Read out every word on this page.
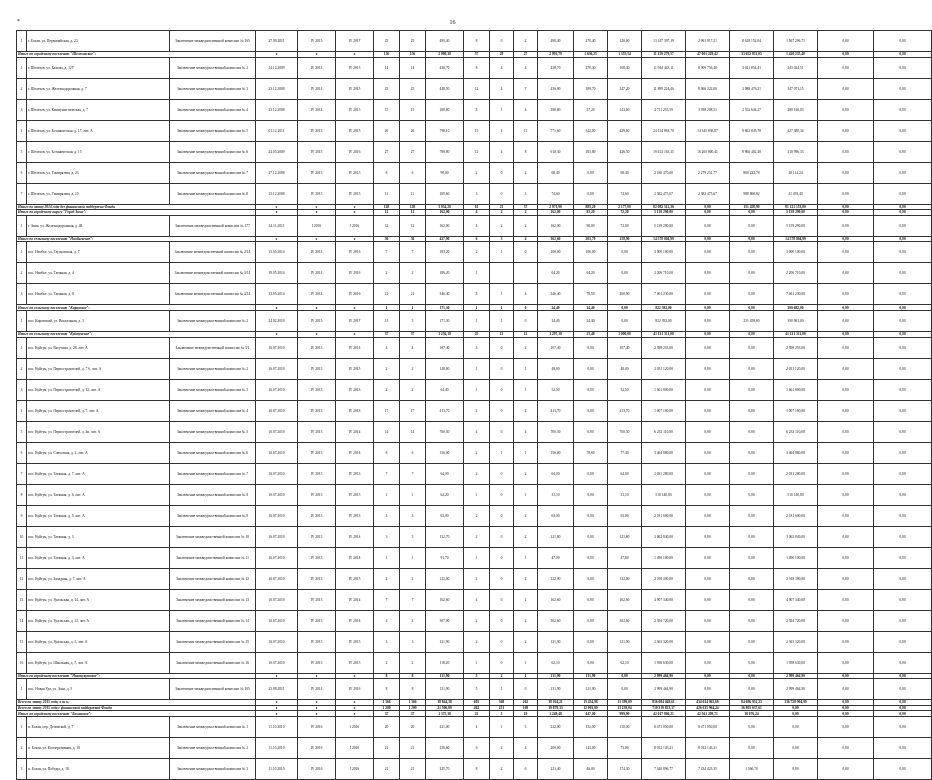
*	16
1	г. Бохан, ул. Первомайская, д. 23	Заключение межведомственной комиссии № 165	27.09.2011	IV 2015	IV 2017	25	25	490,40	8	0	2	490,40	270,40	120,00	13 147 397,19	2 961 917,21	8 618 152,04	1 567 296,71	0,00	0,00
Итого по городскому поселению "Шелеховское":			x	x	x	156	156	2 990,30	57	29	27	2 991,79	1 636,25	1 355,54	11 139 279,57	47 001 229,42	33 652 831,05	1 420 235,40	0,00	0,00
1	г. Шелехов, ул. Бажова, д. 12У	Заключение межведомственной комиссии № 2	24.12.2009	IV 2014	IV 2015	14	14	438,70	8	4	4	438,70	270,30	168,40	11 944 443,11	8 909 756,40	3 021 854,41	243 024,51	0,00	0,00
2	г. Шелехов, ул. Железнодорожная, д. 7	Заключение межведомственной комиссии № 3	23.12.2008	IV 2014	IV 2015	23	23	448,50	12	4	7	436,90	189,70	247,20	11 899 224,46	8 966 322,00	3 088 476,21	347 071,15	0,00	0,00
3	г. Шелехов, ул. Коммунистическая, д. 7	Заключение межведомственной комиссии № 4	23.12.2008	IV 2014	IV 2015	15	15	180,80	5	1	4	180,80	37,20	143,60	4 711 253,59	3 938 208,51	2 352 644,27	280 140,03	0,00	0,00
4	г. Шелехов, ул. Ботаническая, д. 17, лит. А	Заключение межведомственной комиссии № 5	01.12.2011	IV 2013	IV 2015	26	26	798,10	15	4	11	771,60	342,00	429,60	24 134 863,70	14 345 836,87	9 862 845,78	427 380,34	0,00	0,00
5	г. Шелехов, ул. Ботаническая, д. 15	Заключение межведомственной комиссии № 6	24.05.2009	IV 2015	IV 2016	27	27	798,80	12	4	8	610,30	183,80	426,50	19 413 163,35	16 265 800,41	8 866 402,40	310 996,33	0,00	0,00
6	г. Шелехов, ул. Тимирязева, д. 23	Заключение межведомственной комиссии № 7	27.12.2008	IV 2013	IV 2015	6	6	90,00	2	0	2	68,40	0,00	68,40	2 186 470,00	2 279 251,77	880 222,78	28 114,24	0,00	0,00
7	г. Шелехов, ул. Тимирязева, д. 10	Заключение межведомственной комиссии № 8	23.12.2008	IV 2013	IV 2015	11	11	109,60	3	0	3	74,60	0,00	74,60	2 382 475,67	2 382 475,67	988 868,82	41 493,40	0,00	0,00
Итого по этапу 2014 года без финансовой поддержки Фонда			x	x	x	128	128	3 054,20	61	21	37	2 971,90	885,20	2 177,00	82 082 512,36	0,00	151 458,90	81 121 153,00	0,00	0,00
Итого по городскому округу "Город Зима":			x	x	x	12	12	162,00	4	2	2	162,00	92,20	72,20	5 139 290,00	0,00	0,00	5 139 290,00	0,00	0,00
1	г. Зима, ул. Железнодорожная, д. 48	Заключение межведомственной комиссии № 177	24.11.2011	I 2016	I 2016	12	12	162,00	4	2	2	162,00	90,00	72,00	5 139 290,00	0,00	0,00	5 139 290,00	0,00	0,00
Итого по сельскому поселению "Ниобьевское":			x	x	x	36	36	427,90	6	3	4	362,60	203,70	158,90	14 578 804,99	0,00	0,00	14 578 804,99	0,00	0,00
1	пос. Ниобье, ул. Гаусновская, д. 7	Заключение межведомственной комиссии № 2/14	13.05.2014	IV 2014	IV 2016	7	7	183,20	2	1	0	106,00	106,00	0,00	3 000 100,00	0,00	0,00	3 000 100,00	0,00	0,00
2	пос. Ниобье, ул. Таежная, д. 4	Заключение межведомственной комиссии № 3/14	19.05.2014	IV 2014	IV 2016	2	2	106,20	1			64,20	64,20	0,00	2 206 710,00	0,00	0,00	2 206 710,00	0,00	0,00
3	пос. Ниобье, ул. Таежная, д. 8	Заключение межведомственной комиссии № 4/14	13.05.2014	IV 2014	IV 2016	21	21	346,40	5	1	4	346,40	70,50	260,90	7 461 230,00	0,00	0,00	7 461 230,00	0,00	0,00
Итого по сельскому поселению "Кировское":			x	x	x	1	1	171,30	1	1	0	24,40	24,40	0,00	822 392,00	0,00	0,00	300 682,00	0,00	0,00
1	пос. Кировский, ул. Вокзальная, д. 3	Заключение межведомственной комиссии № 2	24.02.2010	IV 2015	IV 2017	13	3	171,30	1	1	0	24,40	24,40	0,00	822 392,00	0,00	231 458,00	390 961,00	0,00	0,00
Итого по сельскому поселению "Куйтунское":			x	x	x	37	37	1 236,10	25	13	12	1 297,10	23,40	1 000,00	41 131 311,00	0,00	0,00	41 131 311,00	0,00	0,00
1	пос. Куйтун, ул. Ватутина, д. 28, лит. А	Заключение межведомственной комиссии № 3/1	16.07.2010	IV 2013	IV 2014	4	4	107,40	3	0	2	107,40	0,00	107,40	2 398 253,00	0,00	0,00	2 398 253,00	0,00	0,00
2	пос. Куйтун, ул. Первостроителей, д. 7 б, лит. А	Заключение межведомственной комиссии № 2	16.07.2010	IV 2013	IV 2015	2	2	148,00	1	0	1	48,00	0,00	48,00	2 031 120,00	0,00	0,00	2 031 120,00	0,00	0,00
3	пос. Куйтун, ул. Первостроителей, д. 12, лит. А	Заключение межведомственной комиссии № 3	16.07.2010	IV 2013	IV 2013	2	2	64,40	1	0	1	52,50	0,00	52,50	1 661 800,00	0,00	0,00	1 661 800,00	0,00	0,00
4	пос. Куйтун, ул. Первостроителей, д. 7, лит. А	Заключение межведомственной комиссии № 4	16.07.2010	IV 2013	IV 2013	17	17	413,70	2	0	2	413,70	0,00	413,70	1 007 160,00	0,00	0,00	1 007 160,00	0,00	0,00
5	пос. Куйтун, ул. Первостроителей, д. 4в, лит. А	Заключение межведомственной комиссии № 5	16.07.2010	IV 2013	IV 2014	14	14	700,30	4	0	4	700,30	0,00	700,30	6 233 110,00	0,00	0,00	6 233 110,00	0,00	0,00
6	пос. Куйтун, ул. Совхозная, д. 2, лит. А	Заключение межведомственной комиссии № 6	16.07.2010	IV 2013	IV 2014	6	6	156,00	2	1	1	156,00	78,60	77,40	3 464 880,00	0,00	0,00	3 464 880,00	0,00	0,00
7	пос. Куйтун, ул. Таежная, д. 7, лит. А	Заключение межведомственной комиссии № 7	16.07.2010	IV 2013	IV 2013	7	7	64,00	2	0	2	64,00	0,00	64,00	2 031 280,00	0,00	0,00	2 031 280,00	0,00	0,00
8	пос. Куйтун, ул. Таежная, д. 6, лит. А	Заключение межведомственной комиссии № 8	16.07.2010	IV 2013	IV 2015	1	1	62,20	1	0	1	31,10	0,00	31,10	510 140,00	0,00	0,00	510 140,00	0,00	0,00
9	пос. Куйтун, ул. Таежная, д. 5, лит. А	Заключение межведомственной комиссии № 9	16.07.2010	IV 2013	IV 2013	3	3	63,00	2	0	2	63,00	0,00	63,00	2 181 600,00	0,00	0,00	2 181 600,00	0,00	0,00
10	пос. Куйтун, ул. Таежная, д. 3	Заключение межведомственной комиссии № 10	16.07.2010	IV 2013	IV 2014	3	3	132,70	2	0	2	121,80	0,00	121,80	3 062 840,00	0,00	0,00	3 062 840,00	0,00	0,00
11	пос. Куйтун, ул. Таежная, д. 3, лит. А	Заключение межведомственной комиссии № 11	16.07.2010	IV 2013	IV 2014	1	1	91,70	1	0	1	47,00	0,00	47,00	1 490 100,00	0,00	0,00	1 490 100,00	0,00	0,00
12	пос. Куйтун, ул. Западная, д. 7, лит. А	Заключение межведомственной комиссии № 12	16.07.2010	IV 2013	IV 2015	2	2	122,00	2	0	2	122,00	0,00	122,00	2 018 300,00	0,00	0,00	2 018 300,00	0,00	0,00
13	пос. Куйтун, ул. Уральская, д. 14, лит. А	Заключение межведомственной комиссии № 13	16.07.2010	IV 2013	IV 2014	7	7	162,60	4	0	2	162,60	0,00	162,60	4 907 340,00	0,00	0,00	4 907 340,00	0,00	0,00
14	пос. Куйтун, ул. Уральская, д. 12, лит. А	Заключение межведомственной комиссии № 14	16.07.2010	IV 2013	IV 2014	4	4	307,00	2	0	2	302,60	0,00	302,60	2 394 720,00	0,00	0,00	2 394 720,00	0,00	0,00
15	пос. Куйтун, ул. Уральская, д. 5, лит. А	Заключение межведомственной комиссии № 15	16.07.2010	IV 2013	IV 2015	3	3	121,90	2	0	2	121,90	0,00	121,90	2 363 320,00	0,00	0,00	2 363 320,00	0,00	0,00
16	пос. Куйтун, ул. Школьная, д. 7, лит. А	Заключение межведомственной комиссии № 16	16.07.2010	IV 2013	IV 2015	2	2	118,20	1	0	1	62,10	0,00	62,10	1 958 630,00	0,00	0,00	1 958 630,00	0,00	0,00
Итого по городскому поселению "Новонукутское":			x	x	x	8	8	131,90	5	2	1	131,90	131,90	0,00	2 999 464,90	0,00	0,00	2 999 464,90	0,00	0,00
1	пос. Новая Уда, ул. Зона, д. 5	Заключение межведомственной комиссии № 105	23.08.2011	IV 2014	IV 2016	8	8	131,90	5	1	0	131,90	131,90	0,00	2 999 464,90	0,00	0,00	2 999 464,90	0,00	0,00
Всего по этапу 2015 года, в т.ч.:			x	x	x	1 366	1 366	38 844,38	605	368	262	38 024,21	15 434,98	13 399,09	856 084 048,61	434 634 963,60	84 686 931,23	336 728 904,90	0,00	0,00
Всего по этапу 2015 года с финансовой поддержкой Фонда			x	x	x	1 209	1 209	21 506,09	462	251	169	19 879,33	12 003,09	13 239,84	710 319 823,37	426 635 964,24	36 805 637,61	0,00	0,00	0,00
Итого по городскому поселению "Боханское":			x	x	x	37	37	1 375,38	22	5	19	1 249,48	447,00	999,90	42 017 860,21	42 561 209,71	18 076,24	0,00	0,00	0,00
1	п. Бохан, пер. Деповской, д. 7	Заключение межведомственной комиссии № 1	11.10.2010	IV 2016	I 2016	20	20	221,00	4	1	3	222,00	112,00	110,00	8 471 050,00	8 471 050,00	0,00	0,00	0,00	0,00
2	п. Бохан, ул. Кооперативная, д. 10	Заключение межведомственной комиссии № 2	11.10.2010	IV 2016	I 2016	21	21	236,60	6	2	4	206,00	143,00	73,00	8 012 143,21	8 012 143,21	0,00	0,00	0,00	0,00
3	п. Бохан, ул. Победы, д. 18	Заключение межведомственной комиссии № 3	11.10.2010	IV 2016	I 2016	21	21	225,70	8	2	6	221,40	46,00	174,30	7 440 896,77	7 434 423,35	1 566,70	0,00	0,00	0,00
